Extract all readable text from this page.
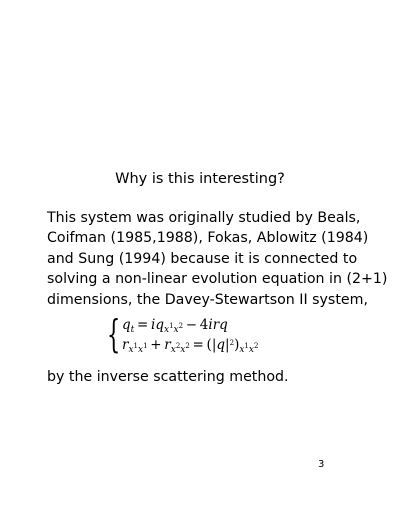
Why is this interesting?
This system was originally studied by Beals,
Coifman (1985,1988), Fokas, Ablowitz (1984)
and Sung (1994) because it is connected to
solving a non-linear evolution equation in (2+1)
dimensions, the Davey-Stewartson II system,
{ $q_t = iq_{x^1x^2} - 4irq$
$r_{x^1x^1} + r_{x^2x^2} = (|q|^2)_{x^1x^2}$

by the inverse scattering method.

3
